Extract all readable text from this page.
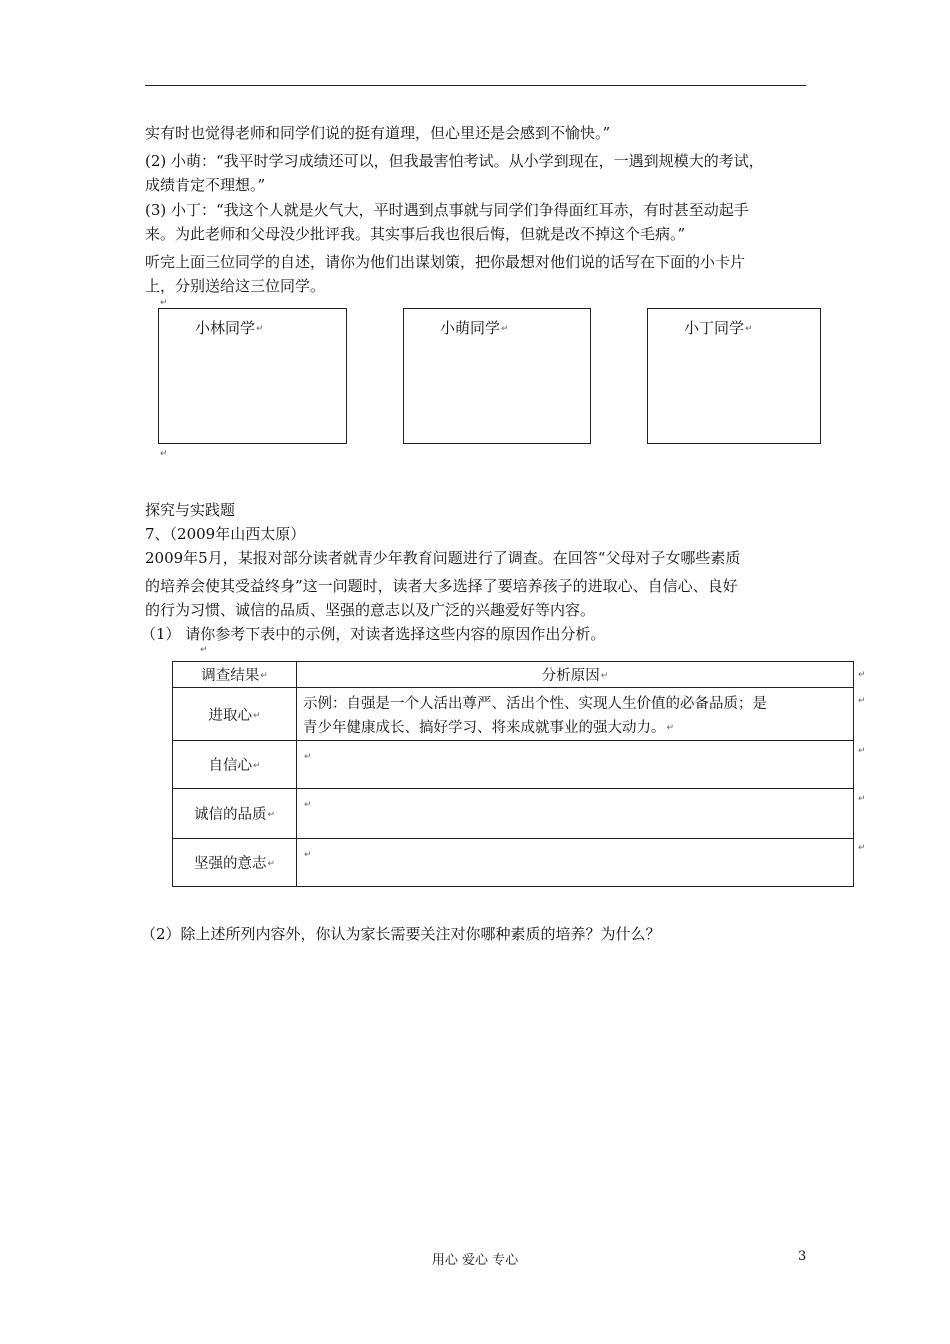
实有时也觉得老师和同学们说的挺有道理，但心里还是会感到不愉快。”

(2) 小萌：“我平时学习成绩还可以，但我最害怕考试。从小学到现在，一遇到规模大的考试，

成绩肯定不理想。”

(3) 小丁：“我这个人就是火气大，平时遇到点事就与同学们争得面红耳赤，有时甚至动起手

来。为此老师和父母没少批评我。其实事后我也很后悔，但就是改不掉这个毛病。”

听完上面三位同学的自述，请你为他们出谋划策，把你最想对他们说的话写在下面的小卡片

上，分别送给这三位同学。

↵
小林同学↵	小萌同学↵	小丁同学↵
↵

探究与实践题

7、（2009年山西太原）

2009年5月，某报对部分读者就青少年教育问题进行了调查。在回答“父母对子女哪些素质

的培养会使其受益终身”这一问题时，读者大多选择了要培养孩子的进取心、自信心、良好

的行为习惯、诚信的品质、坚强的意志以及广泛的兴趣爱好等内容。

（1） 请你参考下表中的示例，对读者选择这些内容的原因作出分析。

↵
调查结果↵	分析原因↵
进取心↵	示例：自强是一个人活出尊严、活出个性、实现人生价值的必备品质；是
青少年健康成长、搞好学习、将来成就事业的强大动力。↵

自信心↵	↵
诚信的品质↵	↵
坚强的意志↵	↵
↵
↵
↵
↵
↵

（2）除上述所列内容外，你认为家长需要关注对你哪种素质的培养？为什么？

用心 爱心 专心	3
